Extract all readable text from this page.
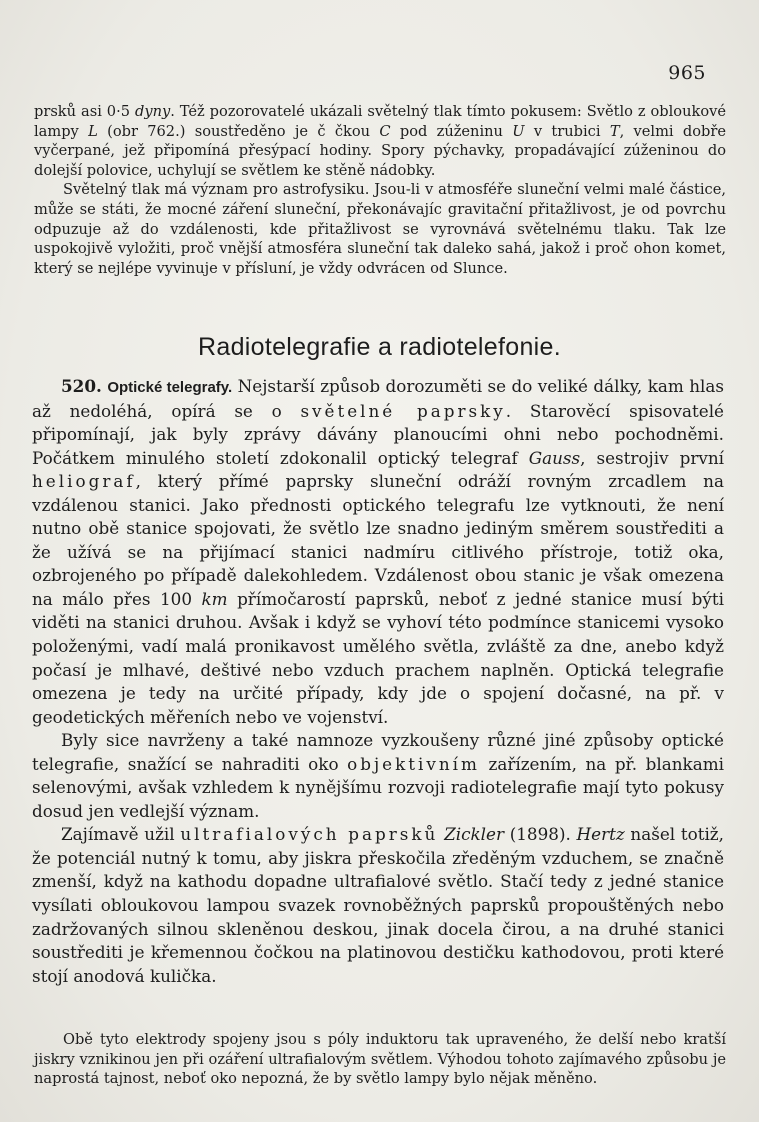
965

prsků asi 0·5 dyny. Též pozorovatelé ukázali světelný tlak tímto pokusem: Světlo z obloukové lampy L (obr 762.) soustředěno je č čkou C pod zúženinu U v trubici T, velmi dobře vyčerpané, jež připomíná přesýpací hodiny. Spory pýchavky, propadávající zúženinou do dolejší polovice, uchylují se světlem ke stěně nádobky.

Světelný tlak má význam pro astrofysiku. Jsou-li v atmosféře sluneční velmi malé částice, může se státi, že mocné záření sluneční, překonávajíc gravitační přitažlivost, je od povrchu odpuzuje až do vzdálenosti, kde přitažlivost se vyrovnává světelnému tlaku. Tak lze uspokojivě vyložiti, proč vnější atmosféra sluneční tak daleko sahá, jakož i proč ohon komet, který se nejlépe vyvinuje v přísluní, je vždy odvrácen od Slunce.

Radiotelegrafie a radiotelefonie.

520. Optické telegrafy. Nejstarší způsob dorozuměti se do veliké dálky, kam hlas až nedoléhá, opírá se o světelné paprsky. Starověcí spisovatelé připomínají, jak byly zprávy dávány planoucími ohni nebo pochodněmi. Počátkem minulého století zdokonalil optický telegraf Gauss, sestrojiv první heliograf, který přímé paprsky sluneční odráží rovným zrcadlem na vzdálenou stanici. Jako přednosti optického telegrafu lze vytknouti, že není nutno obě stanice spojovati, že světlo lze snadno jediným směrem soustřediti a že užívá se na přijímací stanici nadmíru citlivého přístroje, totiž oka, ozbrojeného po případě dalekohledem. Vzdálenost obou stanic je však omezena na málo přes 100 km přímočarostí paprsků, neboť z jedné stanice musí býti viděti na stanici druhou. Avšak i když se vyhoví této podmínce stanicemi vysoko položenými, vadí malá pronikavost umělého světla, zvláště za dne, anebo když počasí je mlhavé, deštivé nebo vzduch prachem naplněn. Optická telegrafie omezena je tedy na určité případy, kdy jde o spojení dočasné, na př. v geodetických měřeních nebo ve vojenství.

Byly sice navrženy a také namnoze vyzkoušeny různé jiné způsoby optické telegrafie, snažící se nahraditi oko objektivním zařízením, na př. blankami selenovými, avšak vzhledem k nynějšímu rozvoji radiotelegrafie mají tyto pokusy dosud jen vedlejší význam.

Zajímavě užil ultrafialových paprsků Zickler (1898). Hertz našel totiž, že potenciál nutný k tomu, aby jiskra přeskočila zředěným vzduchem, se značně zmenší, když na kathodu dopadne ultrafialové světlo. Stačí tedy z jedné stanice vysílati obloukovou lampou svazek rovnoběžných paprsků propouštěných nebo zadržovaných silnou skleněnou deskou, jinak docela čirou, a na druhé stanici soustřediti je křemennou čočkou na platinovou destičku kathodovou, proti které stojí anodová kulička.

Obě tyto elektrody spojeny jsou s póly induktoru tak upraveného, že delší nebo kratší jiskry vznikinou jen při ozáření ultrafialovým světlem. Výhodou tohoto zajímavého způsobu je naprostá tajnost, neboť oko nepozná, že by světlo lampy bylo nějak měněno.
